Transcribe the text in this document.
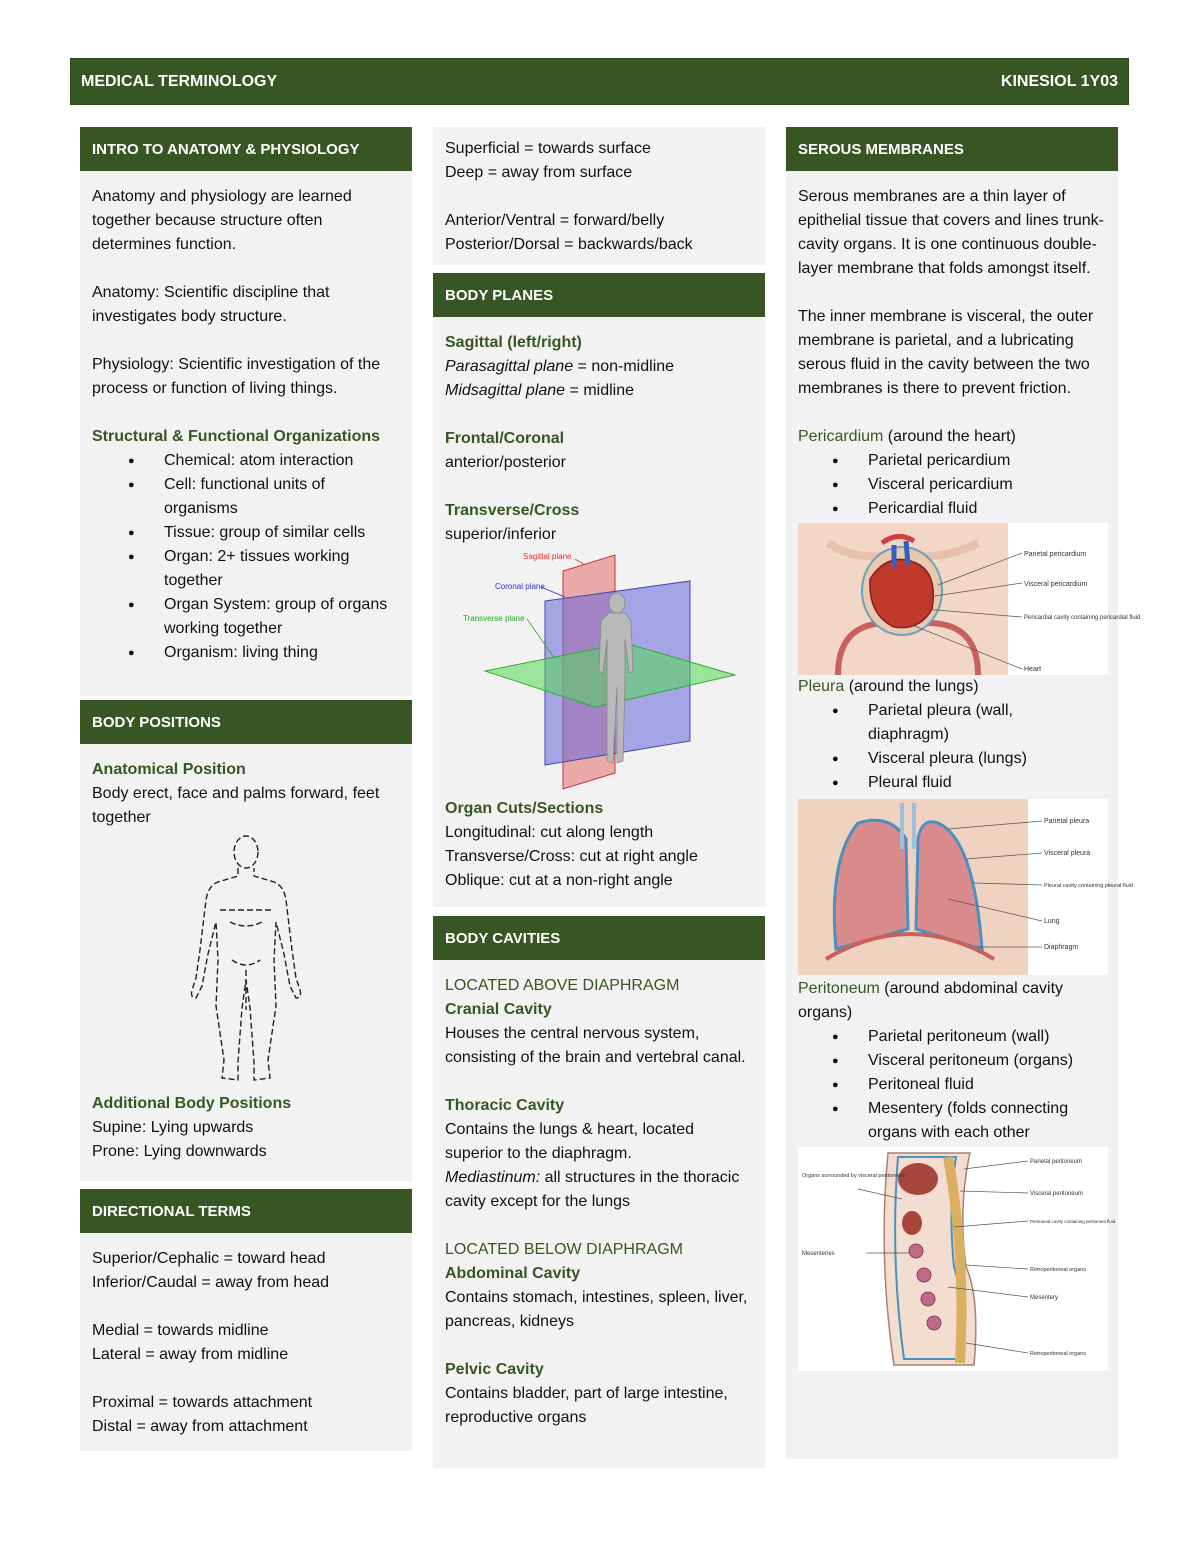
MEDICAL TERMINOLOGY	KINESIOL 1Y03
INTRO TO ANATOMY & PHYSIOLOGY
Anatomy and physiology are learned together because structure often determines function.
Anatomy: Scientific discipline that investigates body structure.
Physiology: Scientific investigation of the process or function of living things.
Structural & Functional Organizations
● Chemical: atom interaction
● Cell: functional units of organisms
● Tissue: group of similar cells
● Organ: 2+ tissues working together
● Organ System: group of organs working together
● Organism: living thing
BODY POSITIONS
Anatomical Position
Body erect, face and palms forward, feet together
Additional Body Positions
Supine: Lying upwards
Prone: Lying downwards
DIRECTIONAL TERMS
Superior/Cephalic = toward head
Inferior/Caudal = away from head
Medial = towards midline
Lateral = away from midline
Proximal = towards attachment
Distal = away from attachment
Superficial = towards surface
Deep = away from surface
Anterior/Ventral = forward/belly
Posterior/Dorsal = backwards/back
BODY PLANES
Sagittal (left/right)
Parasagittal plane = non-midline
Midsagittal plane = midline
Frontal/Coronal
anterior/posterior
Transverse/Cross
superior/inferior
Sagittal plane
Coronal plane
Transverse plane
Organ Cuts/Sections
Longitudinal: cut along length
Transverse/Cross: cut at right angle
Oblique: cut at a non-right angle
BODY CAVITIES
LOCATED ABOVE DIAPHRAGM
Cranial Cavity
Houses the central nervous system, consisting of the brain and vertebral canal.
Thoracic Cavity
Contains the lungs & heart, located superior to the diaphragm.
Mediastinum: all structures in the thoracic cavity except for the lungs
LOCATED BELOW DIAPHRAGM
Abdominal Cavity
Contains stomach, intestines, spleen, liver, pancreas, kidneys
Pelvic Cavity
Contains bladder, part of large intestine, reproductive organs
SEROUS MEMBRANES
Serous membranes are a thin layer of epithelial tissue that covers and lines trunk-cavity organs. It is one continuous double-layer membrane that folds amongst itself.
The inner membrane is visceral, the outer membrane is parietal, and a lubricating serous fluid in the cavity between the two membranes is there to prevent friction.
Pericardium (around the heart)
● Parietal pericardium
● Visceral pericardium
● Pericardial fluid
Parietal pericardium
Visceral pericardium
Pericardial cavity containing pericardial fluid
Heart
Pleura (around the lungs)
● Parietal pleura (wall, diaphragm)
● Visceral pleura (lungs)
● Pleural fluid
Parietal pleura
Visceral pleura
Pleural cavity containing pleural fluid
Lung
Diaphragm
Peritoneum (around abdominal cavity organs)
● Parietal peritoneum (wall)
● Visceral peritoneum (organs)
● Peritoneal fluid
● Mesentery (folds connecting organs with each other
Organs surrounded by visceral peritoneum
Mesenteries
Parietal peritoneum
Visceral peritoneum
Peritoneal cavity containing peritoneal fluid
Retroperitoneal organs
Mesentery
Retroperitoneal organs
